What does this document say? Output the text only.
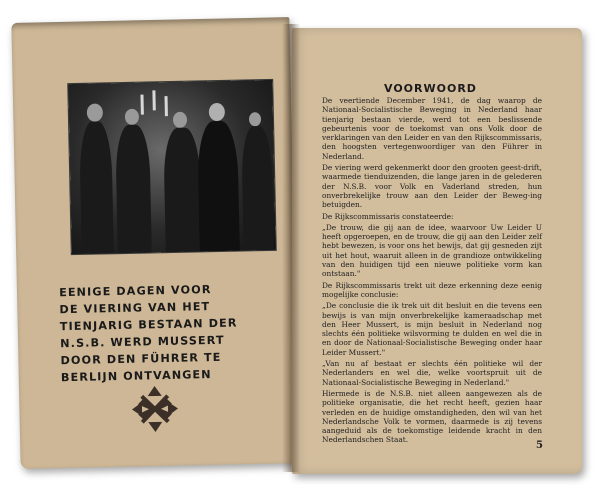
EENIGE DAGEN VOOR
DE VIERING VAN HET
TIENJARIG BESTAAN DER
N.S.B. WERD MUSSERT
DOOR DEN FÜHRER TE
BERLIJN ONTVANGEN
VOORWOORD

De veertiende December 1941, de dag waarop de Nationaal-Socialistische Beweging in Nederland haar tienjarig bestaan vierde, werd tot een beslissende gebeurtenis voor de toekomst van ons Volk door de verklaringen van den Leider en van den Rijkscommissaris, den hoogsten vertegenwoordiger van den Führer in Nederland.

De viering werd gekenmerkt door den grooten geest-drift, waarmede tienduizenden, die lange jaren in de gelederen der N.S.B. voor Volk en Vaderland streden, hun onverbrekelijke trouw aan den Leider der Beweg-ing betuigden.

De Rijkscommissaris constateerde:

„De trouw, die gij aan de idee, waarvoor Uw Leider U heeft opgeroepen, en de trouw, die gij aan den Leider zelf hebt bewezen, is voor ons het bewijs, dat gij gesneden zijt uit het hout, waaruit alleen in de grandioze ontwikkeling van den huidigen tijd een nieuwe politieke vorm kan ontstaan."

De Rijkscommissaris trekt uit deze erkenning deze eenig mogelijke conclusie:

„De conclusie die ik trek uit dit besluit en die tevens een bewijs is van mijn onverbrekelijke kameraadschap met den Heer Mussert, is mijn besluit in Nederland nog slechts één politieke wilsvorming te dulden en wel die in en door de Nationaal-Socialistische Beweging onder haar Leider Mussert."

„Van nu af bestaat er slechts één politieke wil der Nederlanders en wel die, welke voortspruit uit de Nationaal-Socialistische Beweging in Nederland."

Hiermede is de N.S.B. niet alleen aangewezen als de politieke organisatie, die het recht heeft, gezien haar verleden en de huidige omstandigheden, den wil van het Nederlandsche Volk te vormen, daarmede is zij tevens aangeduid als de toekomstige leidende kracht in den Nederlandschen Staat.

5
